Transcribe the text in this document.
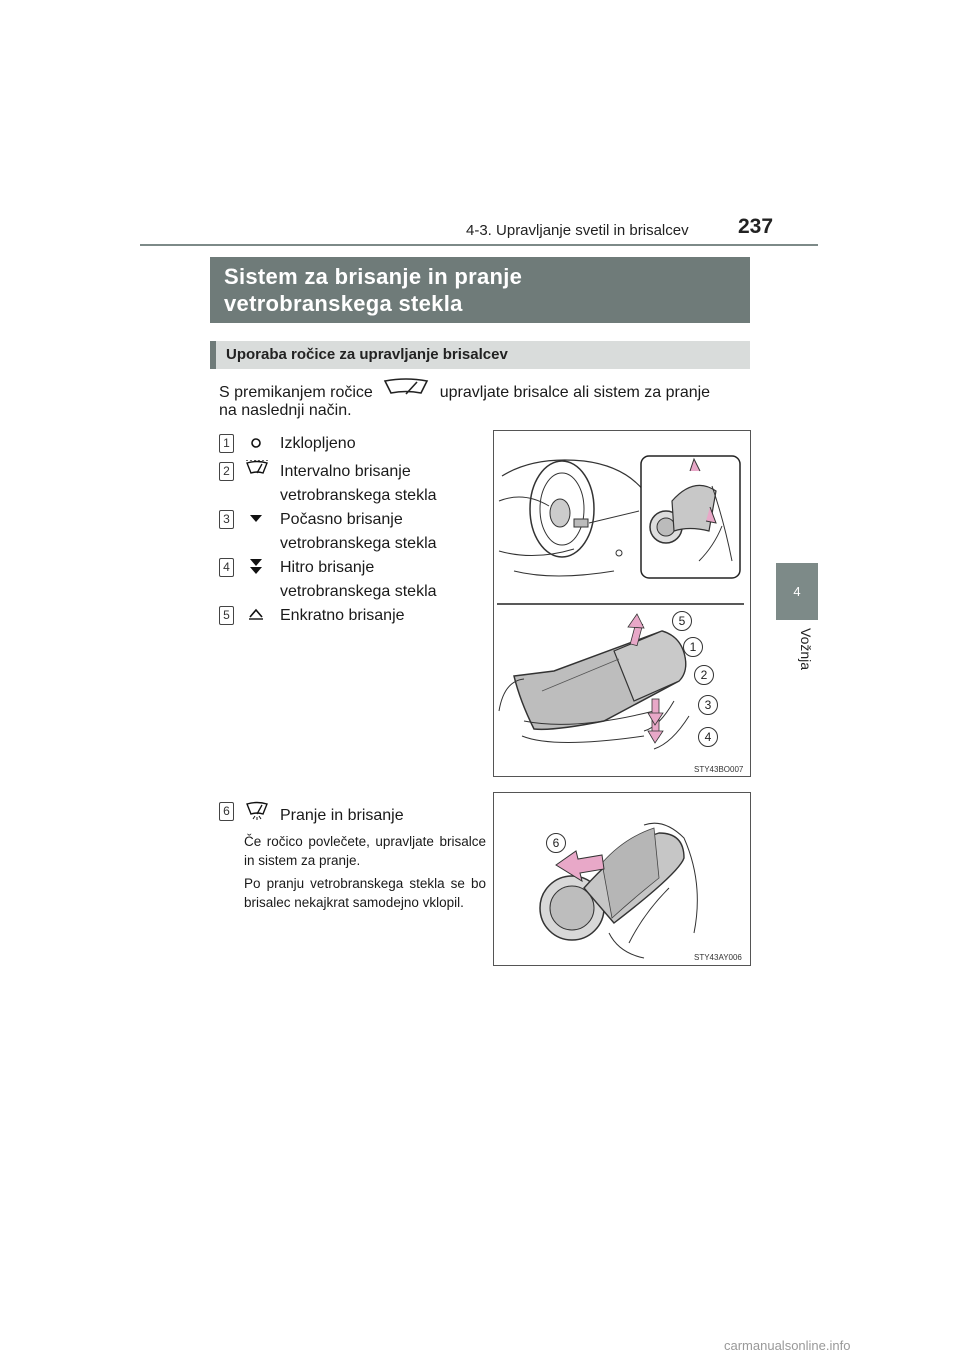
4-3. Upravljanje svetil in brisalcev 237
4
Vožnja
Sistem za brisanje in pranje
vetrobranskega stekla
Uporaba ročice za upravljanje brisalcev
S premikanjem ročice	upravljate brisalce ali sistem za pranje
na naslednji način.
1	Izklopljeno
2	Intervalno brisanje
vetrobranskega stekla
3	Počasno brisanje
vetrobranskega stekla
4	Hitro brisanje
vetrobranskega stekla
5	Enkratno brisanje	5
1
2
3
4
STY43BO007
6	Pranje in brisanje
Če ročico povlečete, upravljate brisalce in sistem za pranje.
Po pranju vetrobranskega stekla se bo brisalec nekajkrat samodejno vklopil.
6
STY43AY006
carmanualsonline.info
